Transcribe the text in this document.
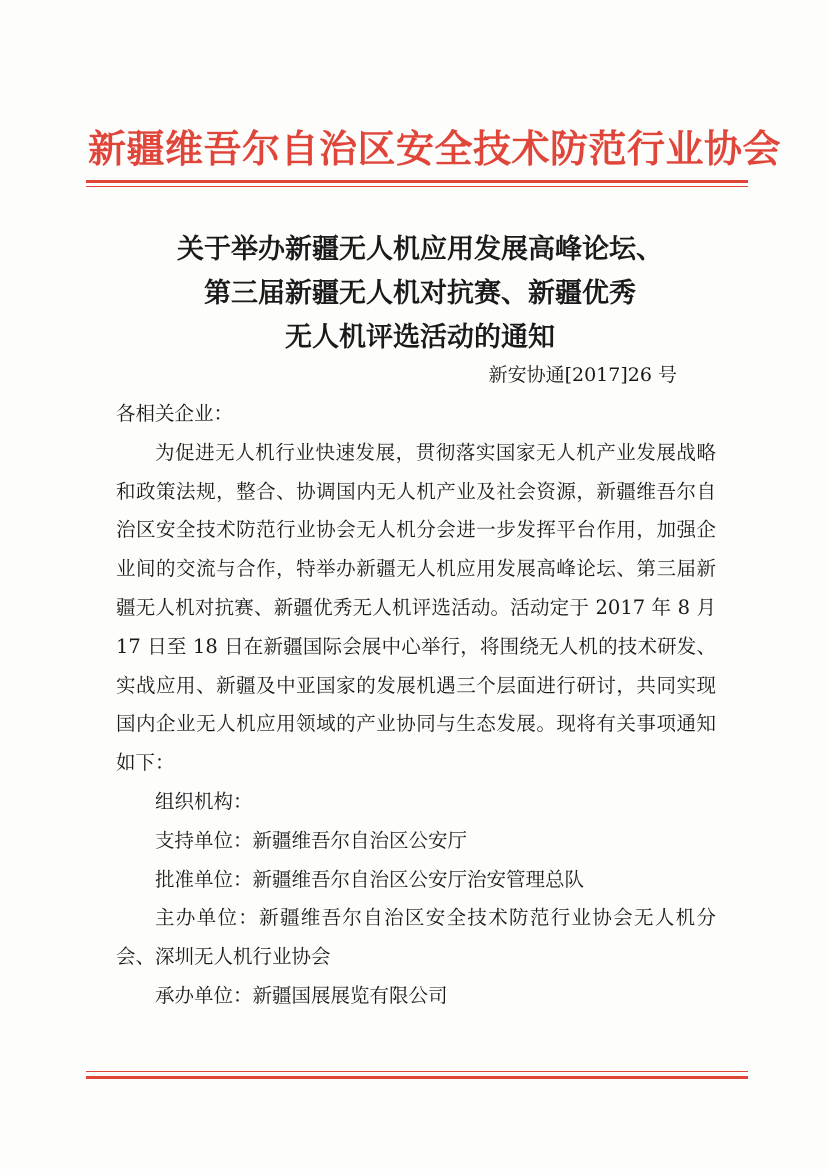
新疆维吾尔自治区安全技术防范行业协会
关于举办新疆无人机应用发展高峰论坛、
第三届新疆无人机对抗赛、新疆优秀
无人机评选活动的通知
新安协通[2017]26 号

各相关企业：

为促进无人机行业快速发展，贯彻落实国家无人机产业发展战略和政策法规，整合、协调国内无人机产业及社会资源，新疆维吾尔自治区安全技术防范行业协会无人机分会进一步发挥平台作用，加强企业间的交流与合作，特举办新疆无人机应用发展高峰论坛、第三届新疆无人机对抗赛、新疆优秀无人机评选活动。活动定于 2017 年 8 月 17 日至 18 日在新疆国际会展中心举行，将围绕无人机的技术研发、实战应用、新疆及中亚国家的发展机遇三个层面进行研讨，共同实现国内企业无人机应用领域的产业协同与生态发展。现将有关事项通知如下：

组织机构：

支持单位：新疆维吾尔自治区公安厅

批准单位：新疆维吾尔自治区公安厅治安管理总队

主办单位：新疆维吾尔自治区安全技术防范行业协会无人机分会、深圳无人机行业协会

承办单位：新疆国展展览有限公司
